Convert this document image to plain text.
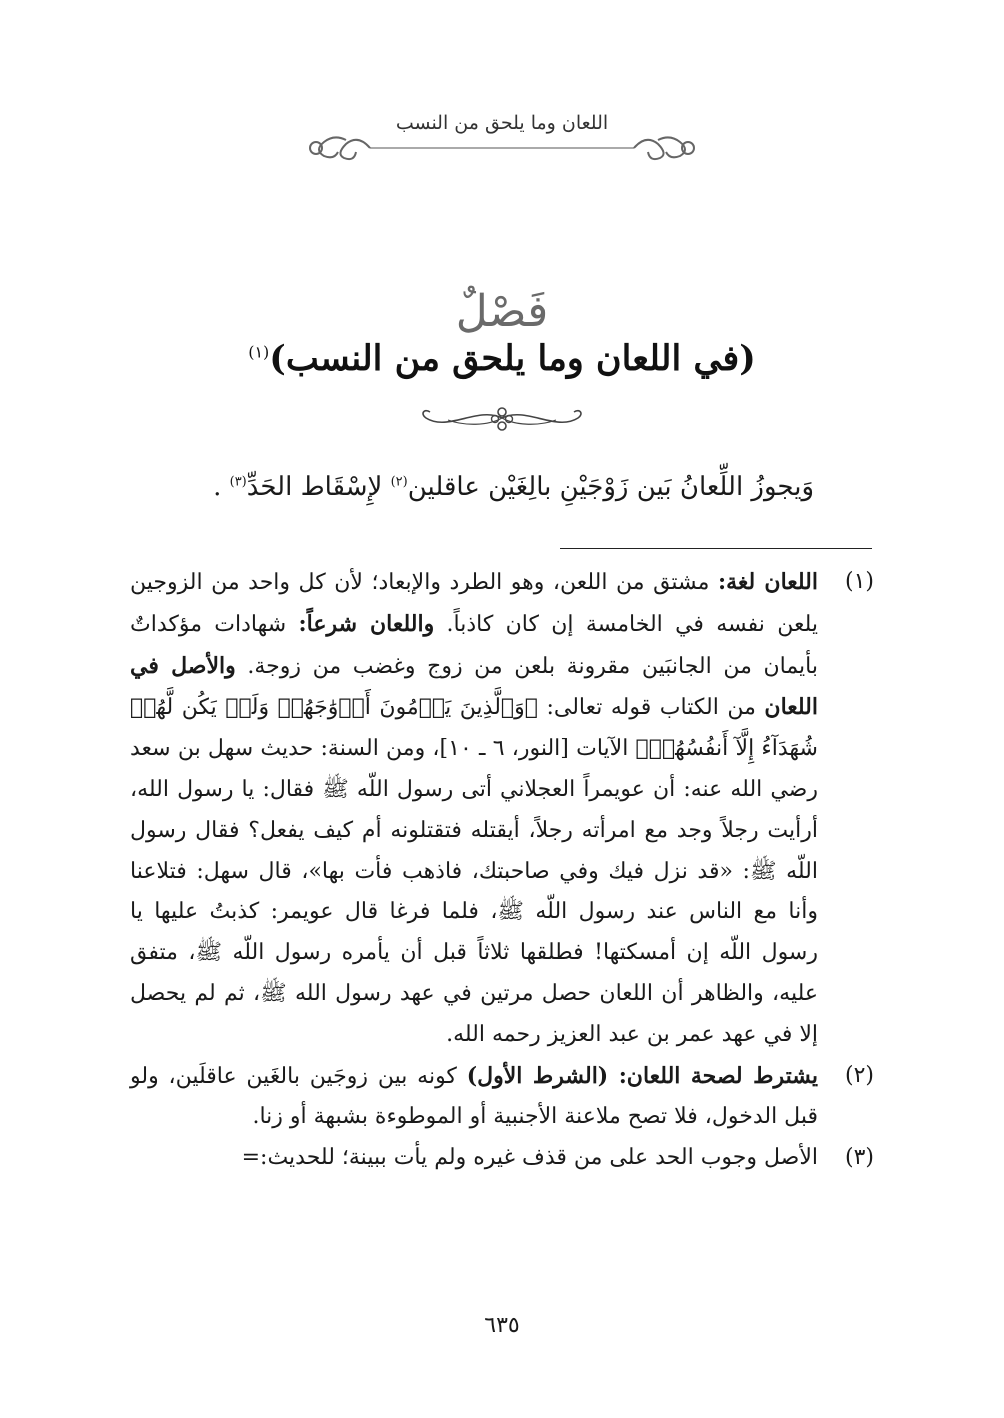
اللعان وما يلحق من النسب
فَصْلٌ
(في اللعان وما يلحق من النسب)$^{(١)}$
وَيجوزُ اللِّعانُ بَين زَوْجَيْنِ بالِغَيْن عاقلين$^{(٢)}$ لإِسْقَاط الحَدِّ$^{(٣)}$ .
(١)
اللعان لغة: مشتق من اللعن، وهو الطرد والإبعاد؛ لأن كل واحد من الزوجين يلعن نفسه في الخامسة إن كان كاذباً. واللعان شرعاً: شهادات مؤكداتٌ بأيمان من الجانبَين مقرونة بلعن من زوج وغضب من زوجة. والأصل في اللعان من الكتاب قوله تعالى: ﴿وَٱلَّذِينَ يَرۡمُونَ أَزۡوَٰجَهُمۡ وَلَمۡ يَكُن لَّهُمۡ شُهَدَآءُ إِلَّآ أَنفُسُهُمۡ﴾ الآيات [النور، ٦ ـ ١٠]، ومن السنة: حديث سهل بن سعد رضي الله عنه: أن عويمراً العجلاني أتى رسول اللّه ﷺ فقال: يا رسول الله، أرأيت رجلاً وجد مع امرأته رجلاً، أيقتله فتقتلونه أم كيف يفعل؟ فقال رسول اللّه ﷺ: «قد نزل فيك وفي صاحبتك، فاذهب فأت بها»، قال سهل: فتلاعنا وأنا مع الناس عند رسول اللّه ﷺ، فلما فرغا قال عويمر: كذبتُ عليها يا رسول اللّه إن أمسكتها! فطلقها ثلاثاً قبل أن يأمره رسول اللّه ﷺ، متفق عليه، والظاهر أن اللعان حصل مرتين في عهد رسول الله ﷺ، ثم لم يحصل إلا في عهد عمر بن عبد العزيز رحمه الله.
(٢)
يشترط لصحة اللعان: (الشرط الأول) كونه بين زوجَين بالغَين عاقلَين، ولو قبل الدخول، فلا تصح ملاعنة الأجنبية أو الموطوءة بشبهة أو زنا.
(٣)
الأصل وجوب الحد على من قذف غيره ولم يأت ببينة؛ للحديث:=
٦٣٥
